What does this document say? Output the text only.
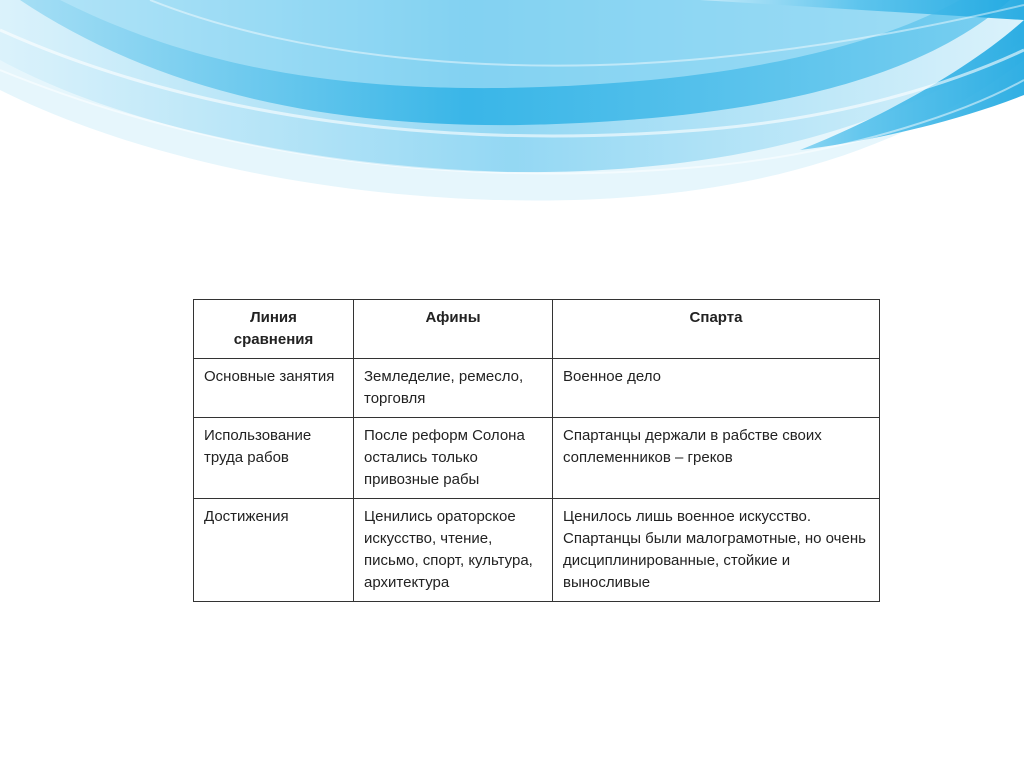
Линия сравнения	Афины	Спарта
Основные занятия	Земледелие, ремесло, торговля	Военное дело
Использование труда рабов	После реформ Солона остались только привозные рабы	Спартанцы держали в рабстве своих соплеменников – греков
Достижения	Ценились ораторское искусство, чтение, письмо, спорт, культура, архитектура	Ценилось лишь военное искусство. Спартанцы были малограмотные, но очень дисциплинированные, стойкие и выносливые
